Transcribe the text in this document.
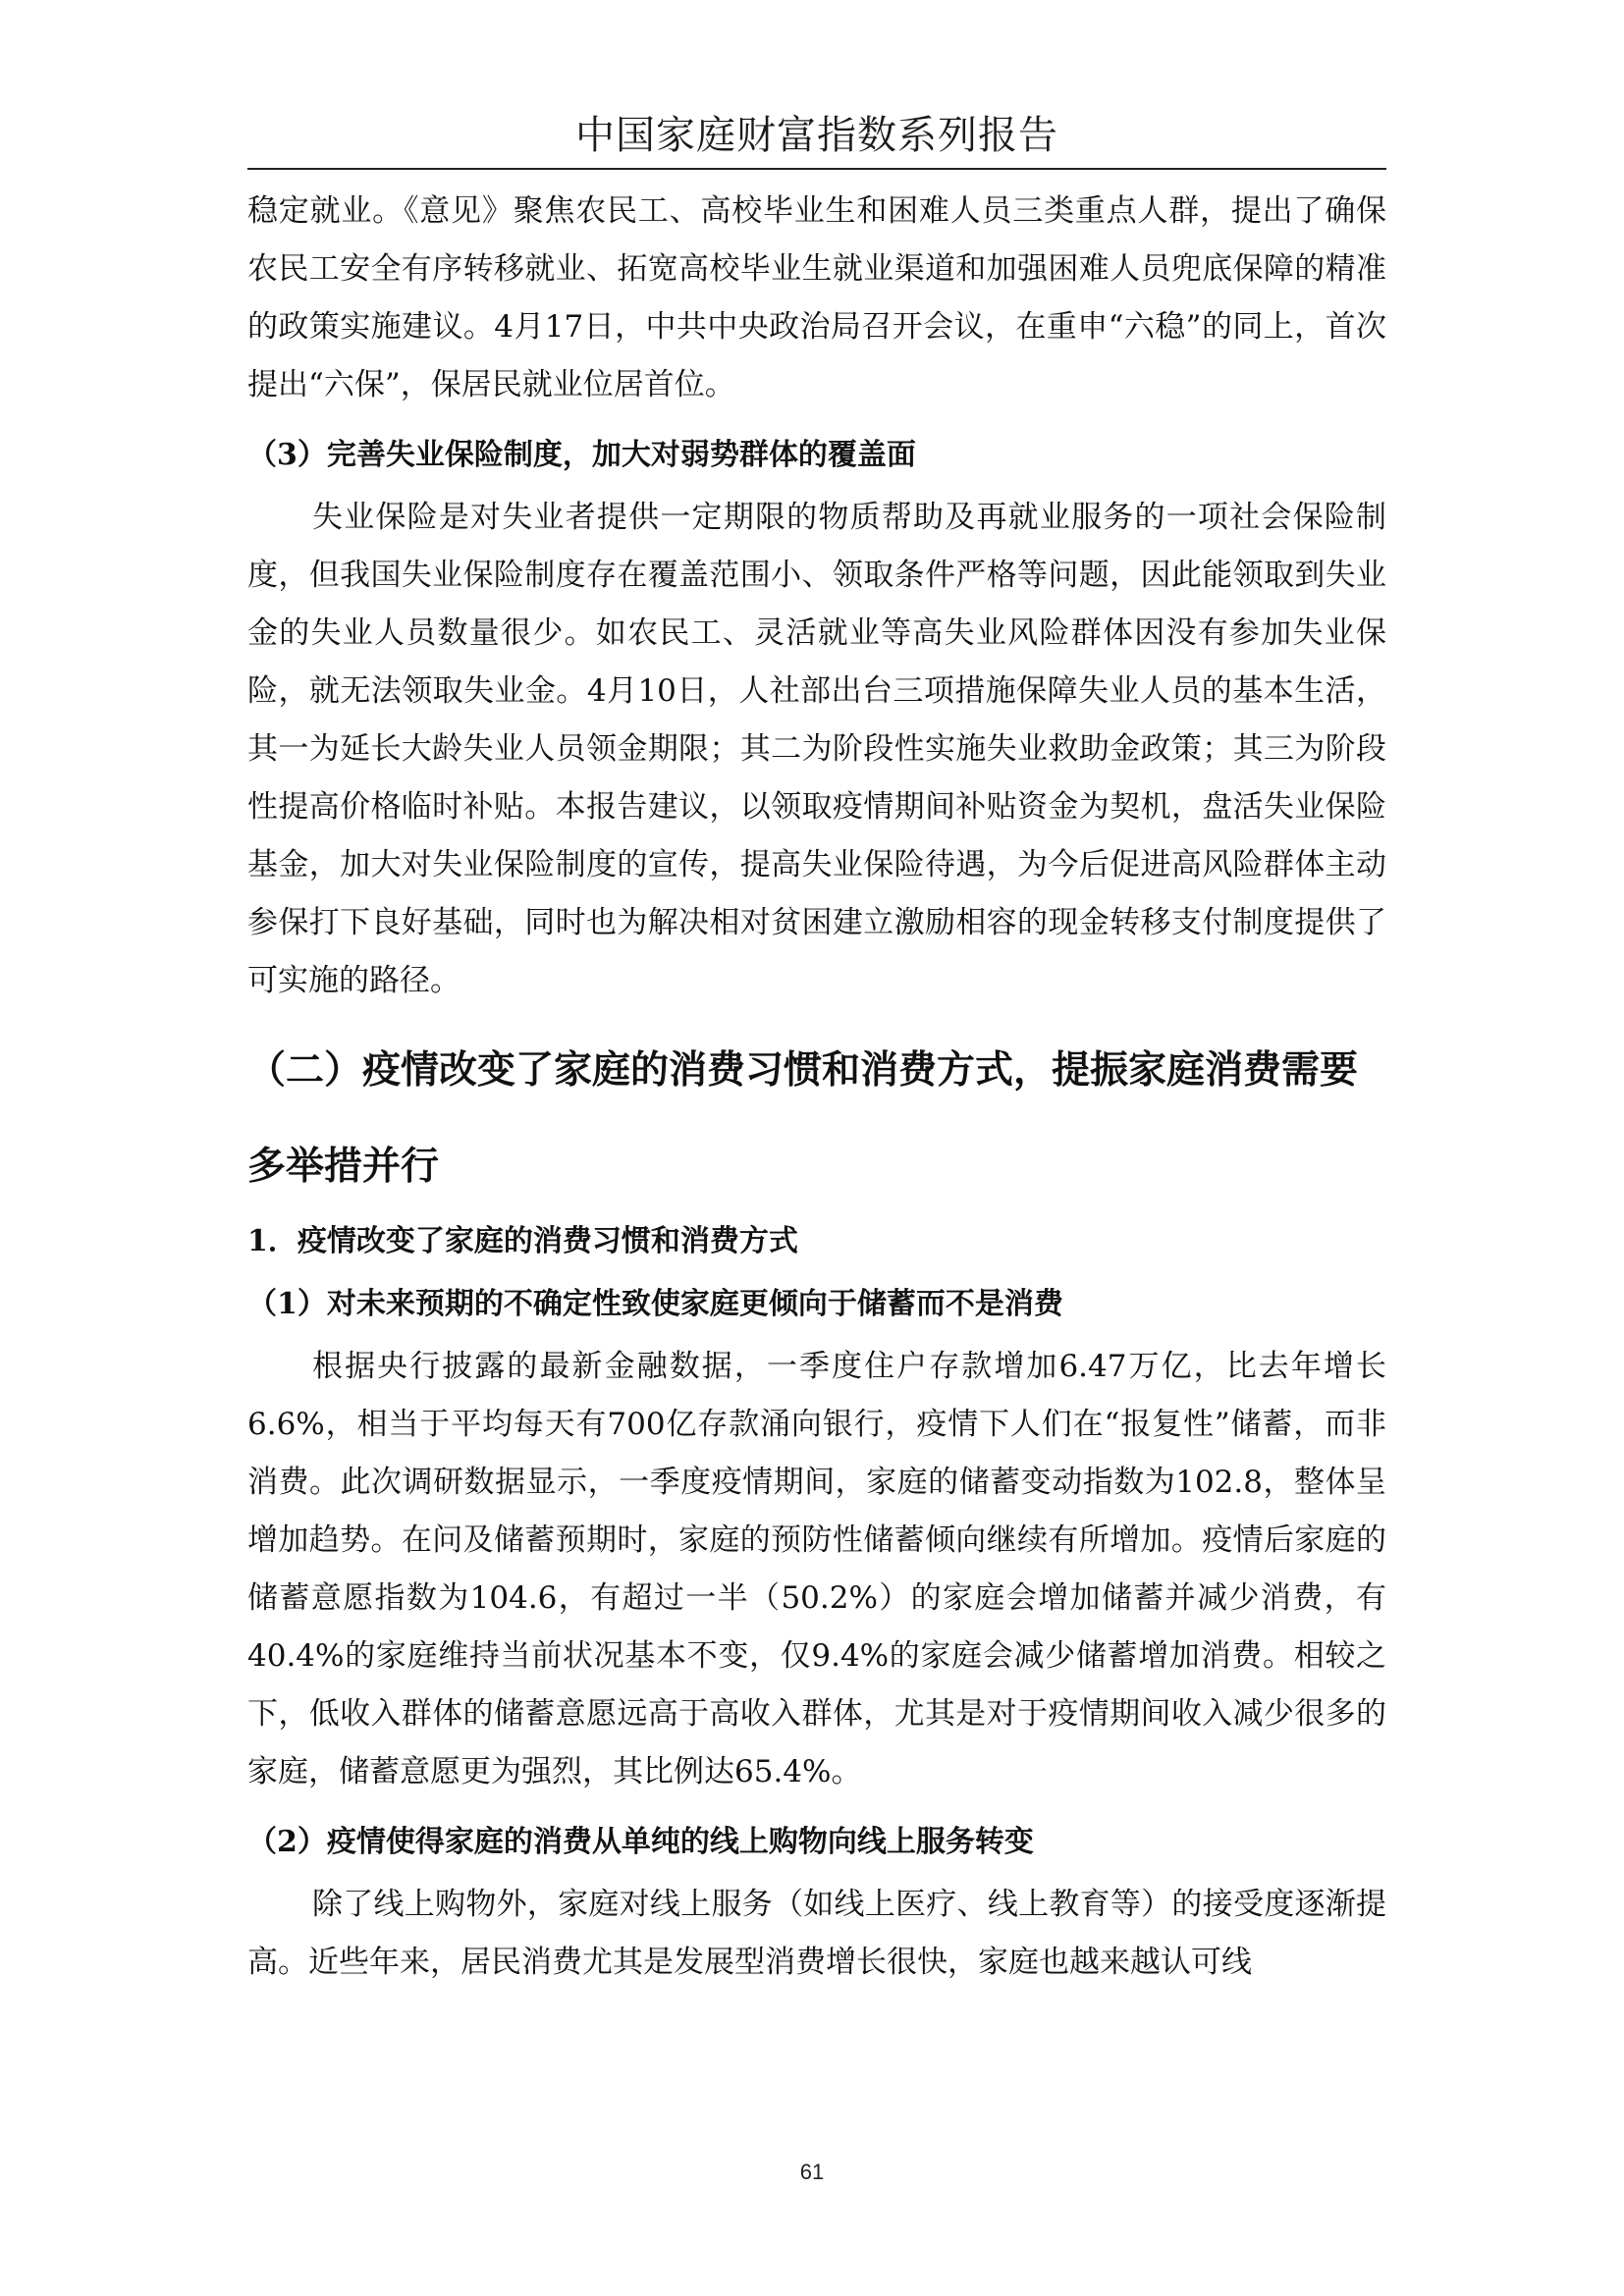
中国家庭财富指数系列报告

稳定就业。《意见》聚焦农民工、高校毕业生和困难人员三类重点人群，提出了确保农民工安全有序转移就业、拓宽高校毕业生就业渠道和加强困难人员兜底保障的精准的政策实施建议。4月17日，中共中央政治局召开会议，在重申“六稳”的同上，首次提出“六保”，保居民就业位居首位。

（3）完善失业保险制度，加大对弱势群体的覆盖面

失业保险是对失业者提供一定期限的物质帮助及再就业服务的一项社会保险制度，但我国失业保险制度存在覆盖范围小、领取条件严格等问题，因此能领取到失业金的失业人员数量很少。如农民工、灵活就业等高失业风险群体因没有参加失业保险，就无法领取失业金。4月10日，人社部出台三项措施保障失业人员的基本生活，其一为延长大龄失业人员领金期限；其二为阶段性实施失业救助金政策；其三为阶段性提高价格临时补贴。本报告建议，以领取疫情期间补贴资金为契机，盘活失业保险基金，加大对失业保险制度的宣传，提高失业保险待遇，为今后促进高风险群体主动参保打下良好基础，同时也为解决相对贫困建立激励相容的现金转移支付制度提供了可实施的路径。

（二）疫情改变了家庭的消费习惯和消费方式，提振家庭消费需要多举措并行

1．疫情改变了家庭的消费习惯和消费方式

（1）对未来预期的不确定性致使家庭更倾向于储蓄而不是消费

根据央行披露的最新金融数据，一季度住户存款增加6.47万亿，比去年增长6.6%，相当于平均每天有700亿存款涌向银行，疫情下人们在“报复性”储蓄，而非消费。此次调研数据显示，一季度疫情期间，家庭的储蓄变动指数为102.8，整体呈增加趋势。在问及储蓄预期时，家庭的预防性储蓄倾向继续有所增加。疫情后家庭的储蓄意愿指数为104.6，有超过一半（50.2%）的家庭会增加储蓄并减少消费，有40.4%的家庭维持当前状况基本不变，仅9.4%的家庭会减少储蓄增加消费。相较之下，低收入群体的储蓄意愿远高于高收入群体，尤其是对于疫情期间收入减少很多的家庭，储蓄意愿更为强烈，其比例达65.4%。

（2）疫情使得家庭的消费从单纯的线上购物向线上服务转变

除了线上购物外，家庭对线上服务（如线上医疗、线上教育等）的接受度逐渐提高。近些年来，居民消费尤其是发展型消费增长很快，家庭也越来越认可线

61
